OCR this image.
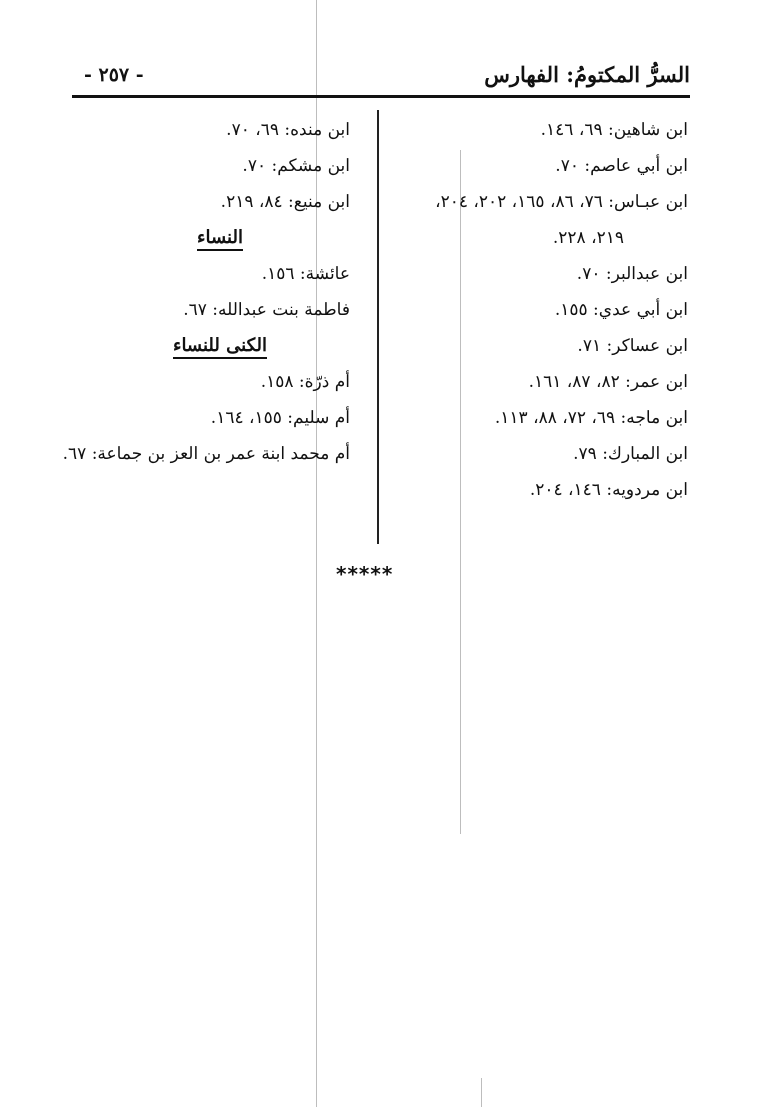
السرُّ المكتومُ: الفهارس
- ٢٥٧ -
ابن شاهين: ٦٩، ١٤٦.
ابن أبي عاصم: ٧٠.
ابن عبـاس: ٧٦، ٨٦، ١٦٥، ٢٠٢، ٢٠٤،
٢١٩، ٢٢٨.
ابن عبدالبر: ٧٠.
ابن أبي عدي: ١٥٥.
ابن عساكر: ٧١.
ابن عمر: ٨٢، ٨٧، ١٦١.
ابن ماجه: ٦٩، ٧٢، ٨٨، ١١٣.
ابن المبارك: ٧٩.
ابن مردويه: ١٤٦، ٢٠٤.
ابن منده: ٦٩، ٧٠.
ابن مشكم: ٧٠.
ابن منيع: ٨٤، ٢١٩.
النساء
عائشة: ١٥٦.
فاطمة بنت عبدالله: ٦٧.
الكنى للنساء
أم ذرّة: ١٥٨.
أم سليم: ١٥٥، ١٦٤.
أم محمد ابنة عمر بن العز بن جماعة: ٦٧.
*****
